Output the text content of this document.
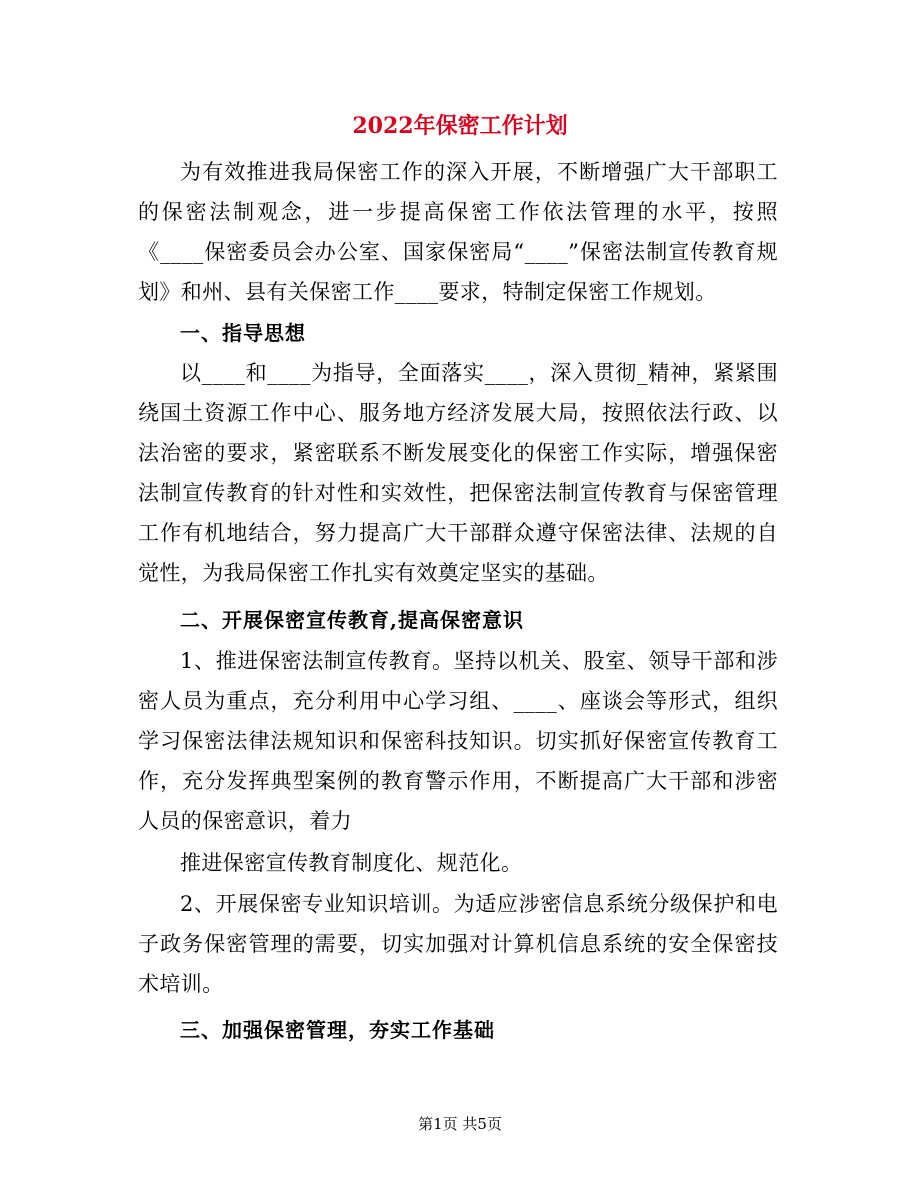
2022年保密工作计划

为有效推进我局保密工作的深入开展，不断增强广大干部职工的保密法制观念，进一步提高保密工作依法管理的水平，按照《____保密委员会办公室、国家保密局“____”保密法制宣传教育规划》和州、县有关保密工作____要求，特制定保密工作规划。

一、指导思想

以____和____为指导，全面落实____，深入贯彻_精神，紧紧围绕国土资源工作中心、服务地方经济发展大局，按照依法行政、以法治密的要求，紧密联系不断发展变化的保密工作实际，增强保密法制宣传教育的针对性和实效性，把保密法制宣传教育与保密管理工作有机地结合，努力提高广大干部群众遵守保密法律、法规的自觉性，为我局保密工作扎实有效奠定坚实的基础。

二、开展保密宣传教育,提高保密意识

1、推进保密法制宣传教育。坚持以机关、股室、领导干部和涉密人员为重点，充分利用中心学习组、____、座谈会等形式，组织学习保密法律法规知识和保密科技知识。切实抓好保密宣传教育工作，充分发挥典型案例的教育警示作用，不断提高广大干部和涉密人员的保密意识，着力

推进保密宣传教育制度化、规范化。

2、开展保密专业知识培训。为适应涉密信息系统分级保护和电子政务保密管理的需要，切实加强对计算机信息系统的安全保密技术培训。

三、加强保密管理，夯实工作基础
第1页 共5页
